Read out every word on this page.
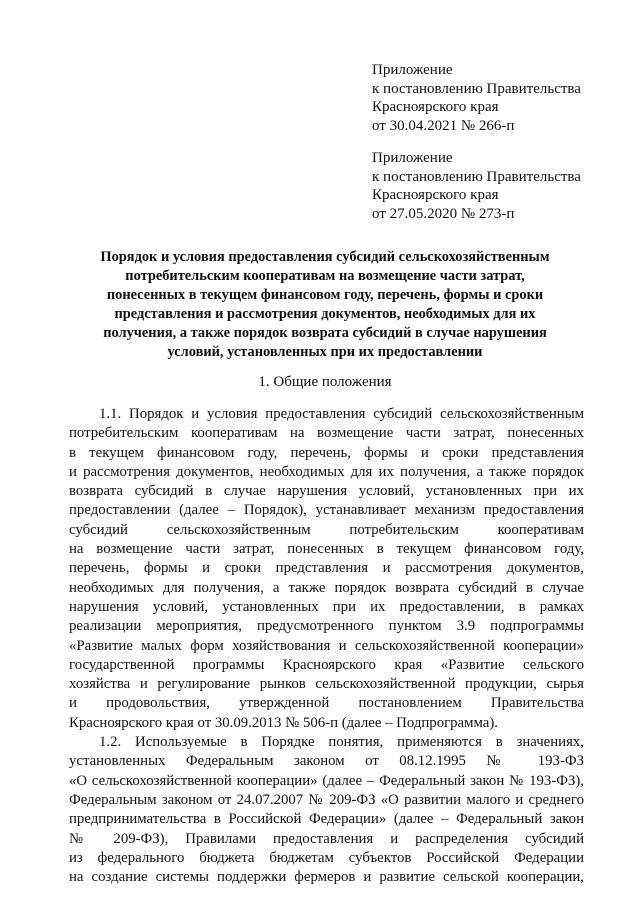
Приложение
к постановлению Правительства
Красноярского края
от 30.04.2021 № 266-п
Приложение
к постановлению Правительства
Красноярского края
от 27.05.2020 № 273-п
Порядок и условия предоставления субсидий сельскохозяйственным
потребительским кооперативам на возмещение части затрат,
понесенных в текущем финансовом году, перечень, формы и сроки
представления и рассмотрения документов, необходимых для их
получения, а также порядок возврата субсидий в случае нарушения
условий, установленных при их предоставлении
1. Общие положения
1.1. Порядок и условия предоставления субсидий сельскохозяйственным
потребительским кооперативам на возмещение части затрат, понесенных
в текущем финансовом году, перечень, формы и сроки представления
и рассмотрения документов, необходимых для их получения, а также порядок
возврата субсидий в случае нарушения условий, установленных при их
предоставлении (далее – Порядок), устанавливает механизм предоставления
субсидий сельскохозяйственным потребительским кооперативам
на возмещение части затрат, понесенных в текущем финансовом году,
перечень, формы и сроки представления и рассмотрения документов,
необходимых для получения, а также порядок возврата субсидий в случае
нарушения условий, установленных при их предоставлении, в рамках
реализации мероприятия, предусмотренного пунктом 3.9 подпрограммы
«Развитие малых форм хозяйствования и сельскохозяйственной кооперации»
государственной программы Красноярского края «Развитие сельского
хозяйства и регулирование рынков сельскохозяйственной продукции, сырья
и продовольствия, утвержденной постановлением Правительства
Красноярского края от 30.09.2013 № 506-п (далее – Подпрограмма).
1.2. Используемые в Порядке понятия, применяются в значениях,
установленных Федеральным законом от 08.12.1995 № 193-ФЗ
«О сельскохозяйственной кооперации» (далее – Федеральный закон № 193-ФЗ),
Федеральным законом от 24.07.2007 № 209-ФЗ «О развитии малого и среднего
предпринимательства в Российской Федерации» (далее – Федеральный закон
№ 209-ФЗ), Правилами предоставления и распределения субсидий
из федерального бюджета бюджетам субъектов Российской Федерации
на создание системы поддержки фермеров и развитие сельской кооперации,
